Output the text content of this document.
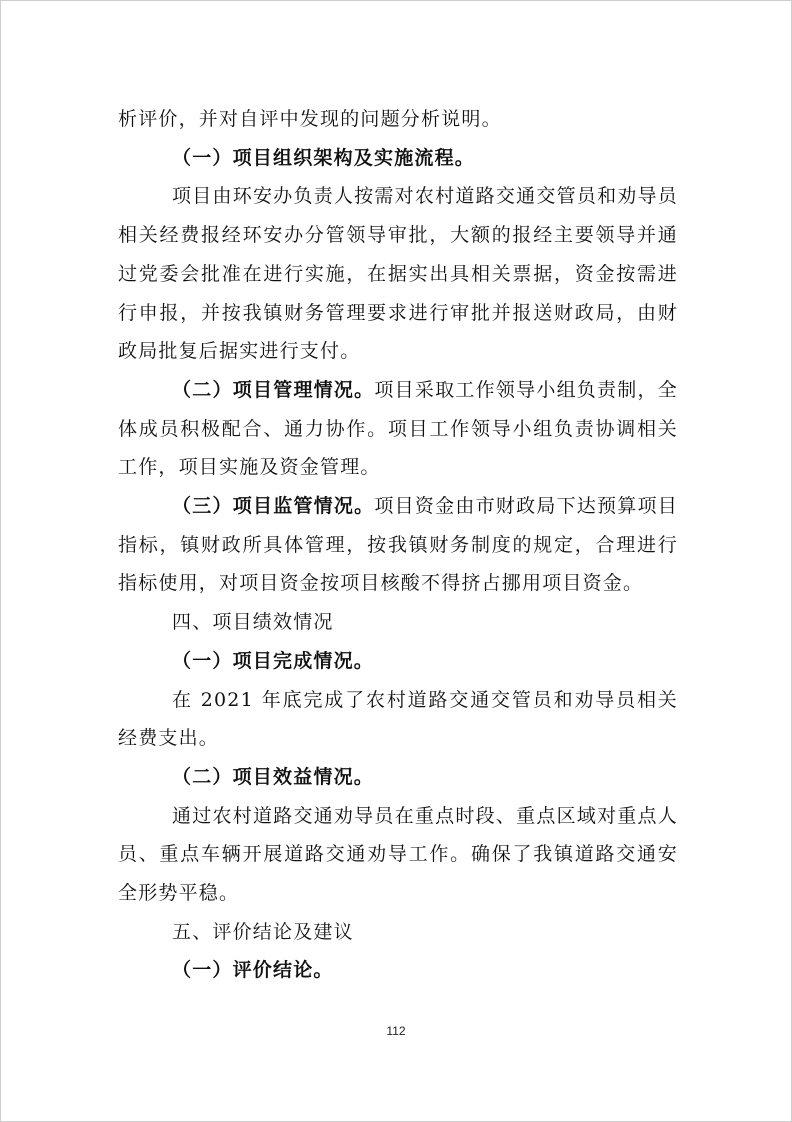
析评价，并对自评中发现的问题分析说明。

（一）项目组织架构及实施流程。

项目由环安办负责人按需对农村道路交通交管员和劝导员相关经费报经环安办分管领导审批，大额的报经主要领导并通过党委会批准在进行实施，在据实出具相关票据，资金按需进行申报，并按我镇财务管理要求进行审批并报送财政局，由财政局批复后据实进行支付。

（二）项目管理情况。项目采取工作领导小组负责制，全体成员积极配合、通力协作。项目工作领导小组负责协调相关工作，项目实施及资金管理。

（三）项目监管情况。项目资金由市财政局下达预算项目指标，镇财政所具体管理，按我镇财务制度的规定，合理进行指标使用，对项目资金按项目核酸不得挤占挪用项目资金。

四、项目绩效情况

（一）项目完成情况。

在 2021 年底完成了农村道路交通交管员和劝导员相关经费支出。

（二）项目效益情况。

通过农村道路交通劝导员在重点时段、重点区域对重点人员、重点车辆开展道路交通劝导工作。确保了我镇道路交通安全形势平稳。

五、评价结论及建议

（一）评价结论。

112
